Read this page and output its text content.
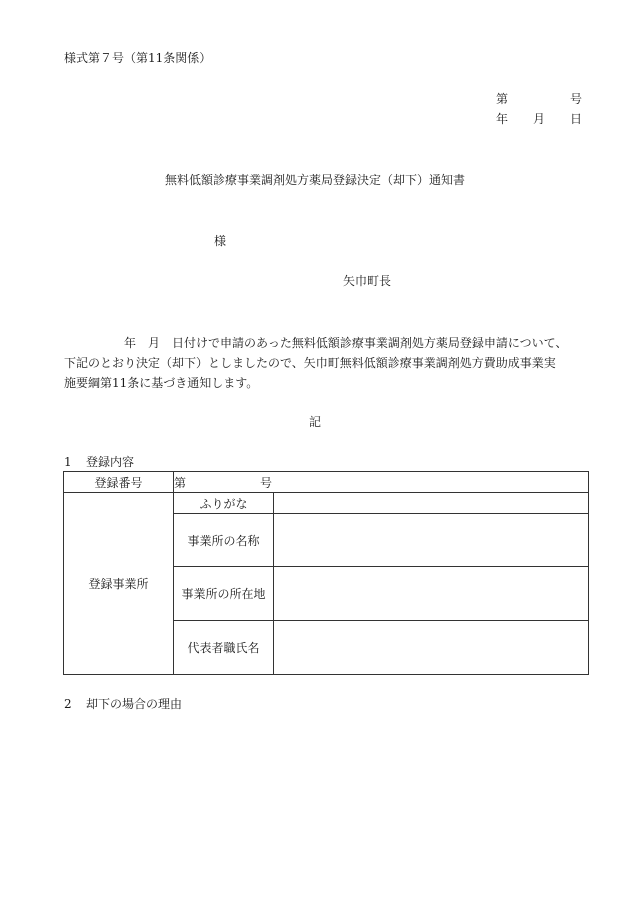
様式第７号（第11条関係）
第	号
年 月 日
無料低額診療事業調剤処方薬局登録決定（却下）通知書
様
矢巾町長

年　月　日付けで申請のあった無料低額診療事業調剤処方薬局登録申請について、

下記のとおり決定（却下）としましたので、矢巾町無料低額診療事業調剤処方費助成事業実

施要綱第11条に基づき通知します。

記
1 登録内容
登録番号	第 号	

登録事業所	ふりがな	
	事業所の名称	
	事業所の所在地	
	代表者職氏名	
2 却下の場合の理由
